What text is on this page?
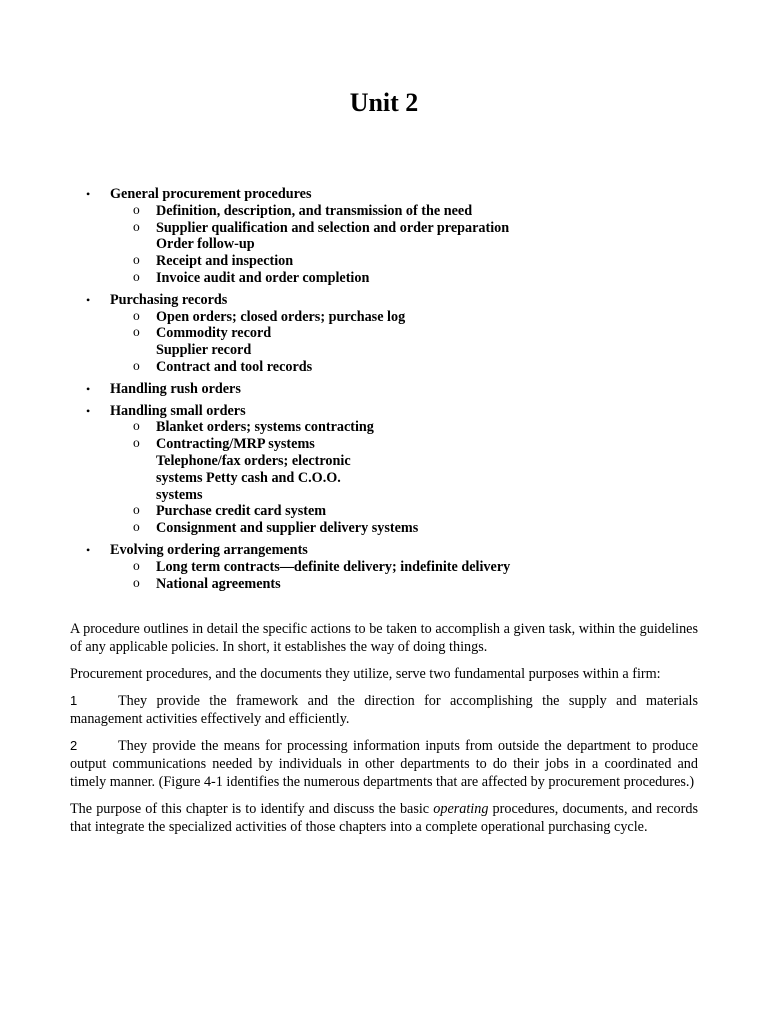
Unit 2
• General procurement procedures
o Definition, description, and transmission of the need
o Supplier qualification and selection and order preparation
Order follow-up
o Receipt and inspection
o Invoice audit and order completion
• Purchasing records
o Open orders; closed orders; purchase log
o Commodity record
Supplier record
o Contract and tool records
• Handling rush orders
• Handling small orders
o Blanket orders; systems contracting
o Contracting/MRP systems
Telephone/fax orders; electronic systems Petty cash and C.O.O. systems
o Purchase credit card system
o Consignment and supplier delivery systems
• Evolving ordering arrangements
o Long term contracts—definite delivery; indefinite delivery
o National agreements

A procedure outlines in detail the specific actions to be taken to accomplish a given task, within the guidelines of any applicable policies. In short, it establishes the way of doing things.

Procurement procedures, and the documents they utilize, serve two fundamental purposes within a firm:

1	They provide the framework and the direction for accomplishing the supply and materials management activities effectively and efficiently.

2	They provide the means for processing information inputs from outside the department to produce output communications needed by individuals in other departments to do their jobs in a coordinated and timely manner. (Figure 4-1 identifies the numerous departments that are affected by procurement procedures.)

The purpose of this chapter is to identify and discuss the basic operating procedures, documents, and records that integrate the specialized activities of those chapters into a complete operational purchasing cycle.
